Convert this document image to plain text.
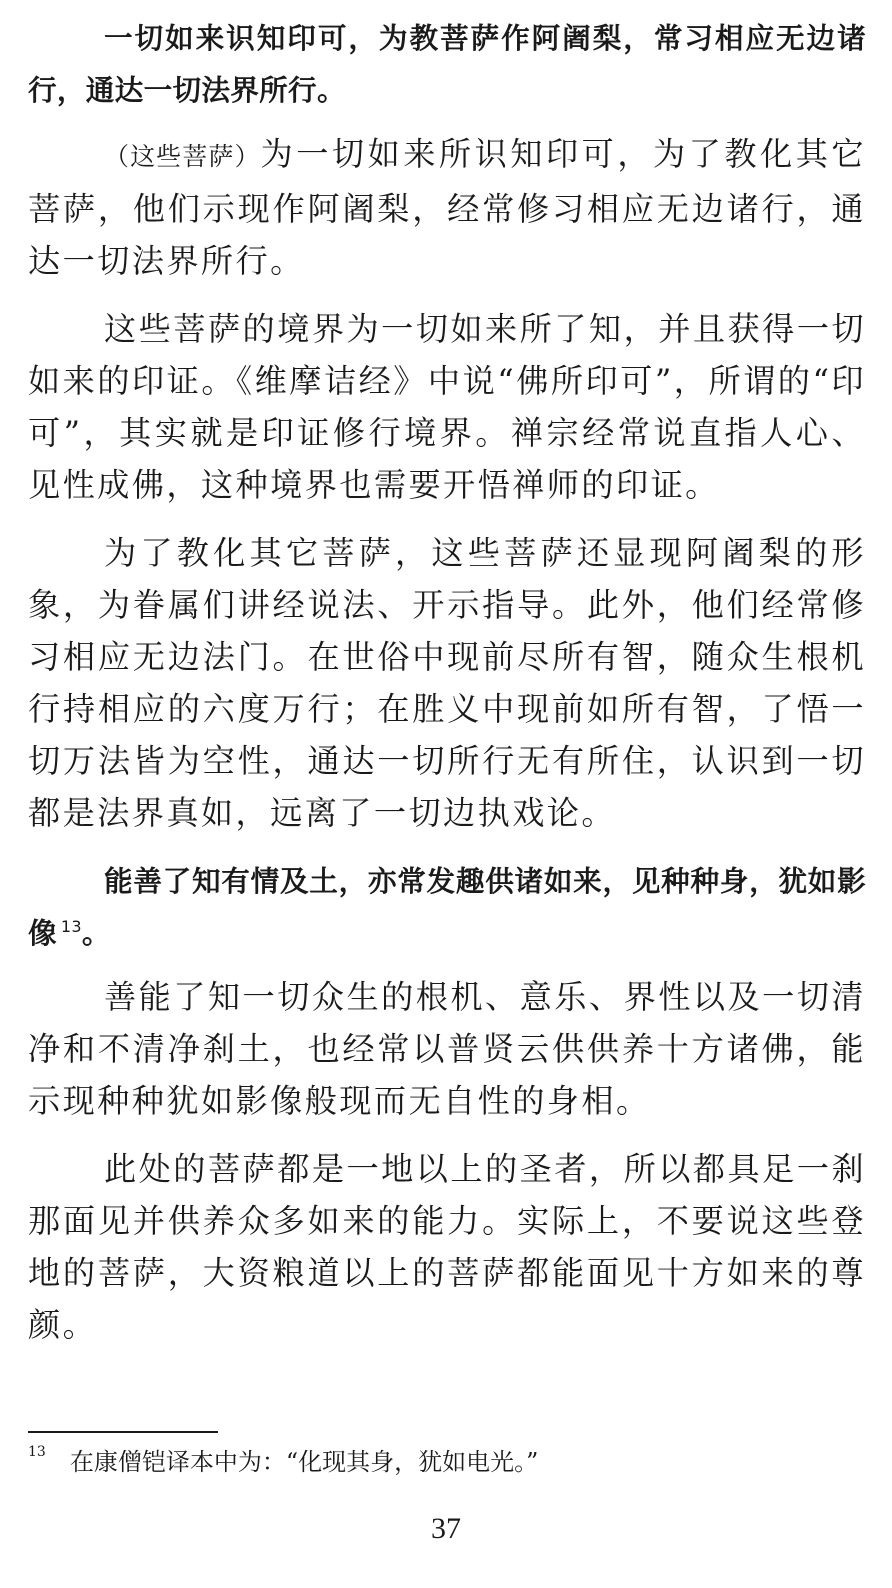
一切如来识知印可，为教菩萨作阿阇梨，常习相应无边诸行，通达一切法界所行。

（这些菩萨）为一切如来所识知印可，为了教化其它菩萨，他们示现作阿阇梨，经常修习相应无边诸行，通达一切法界所行。

这些菩萨的境界为一切如来所了知，并且获得一切如来的印证。《维摩诘经》中说“佛所印可”，所谓的“印可”，其实就是印证修行境界。禅宗经常说直指人心、见性成佛，这种境界也需要开悟禅师的印证。

为了教化其它菩萨，这些菩萨还显现阿阇梨的形象，为眷属们讲经说法、开示指导。此外，他们经常修习相应无边法门。在世俗中现前尽所有智，随众生根机行持相应的六度万行；在胜义中现前如所有智，了悟一切万法皆为空性，通达一切所行无有所住，认识到一切都是法界真如，远离了一切边执戏论。

能善了知有情及土，亦常发趣供诸如来，见种种身，犹如影像 $^{13}$。

善能了知一切众生的根机、意乐、界性以及一切清净和不清净刹土，也经常以普贤云供供养十方诸佛，能示现种种犹如影像般现而无自性的身相。

此处的菩萨都是一地以上的圣者，所以都具足一刹那面见并供养众多如来的能力。实际上，不要说这些登地的菩萨，大资粮道以上的菩萨都能面见十方如来的尊颜。

$^{13}$ 在康僧铠译本中为：“化现其身，犹如电光。”
37
